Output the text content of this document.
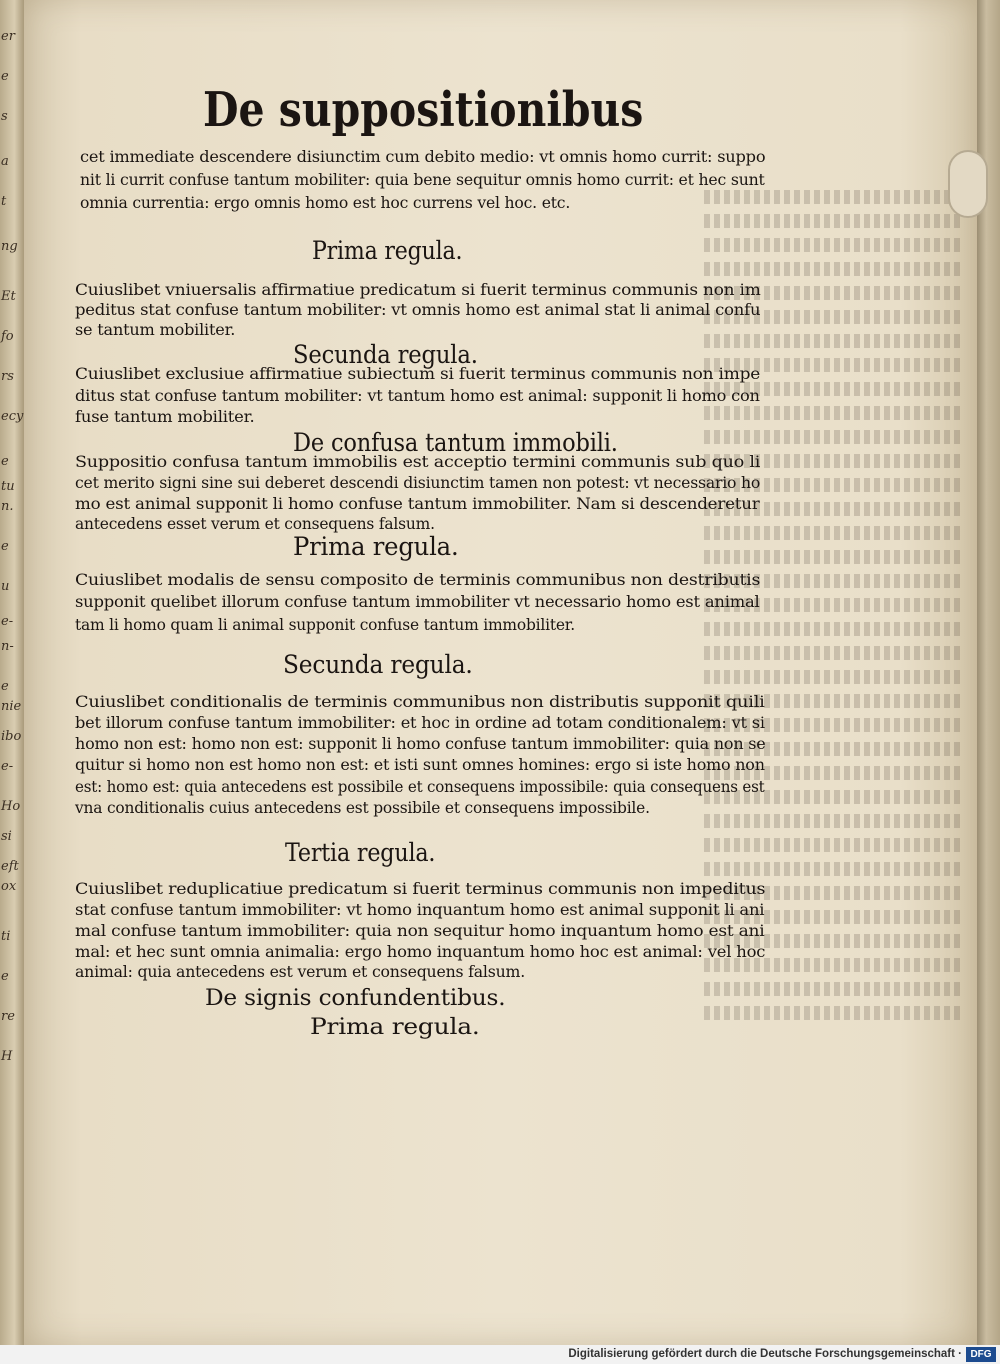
er
e
s
a
t
ng
Et
fo
rs
ecy
e
tu
n.
e
u
e-
n-
e
nie
ibo
e-
Ho
si
eft
ox
ti
e
re
H
De suppositionibus
cet immediate descendere disiunctim cum debito medio: vt omnis homo currit: suppo
nit li currit confuse tantum mobiliter: quia bene sequitur omnis homo currit: et hec sunt
omnia currentia: ergo omnis homo est hoc currens vel hoc. etc.
Prima regula.
Cuiuslibet vniuersalis affirmatiue predicatum si fuerit terminus communis non im
peditus stat confuse tantum mobiliter: vt omnis homo est animal stat li animal confu
se tantum mobiliter.
Secunda regula.
Cuiuslibet exclusiue affirmatiue subiectum si fuerit terminus communis non impe
ditus stat confuse tantum mobiliter: vt tantum homo est animal: supponit li homo con
fuse tantum mobiliter.
De confusa tantum immobili.
Suppositio confusa tantum immobilis est acceptio termini communis sub quo li
cet merito signi sine sui deberet descendi disiunctim tamen non potest: vt necessario ho
mo est animal supponit li homo confuse tantum immobiliter. Nam si descenderetur
antecedens esset verum et consequens falsum.
Prima regula.
Cuiuslibet modalis de sensu composito de terminis communibus non destributis
supponit quelibet illorum confuse tantum immobiliter vt necessario homo est animal
tam li homo quam li animal supponit confuse tantum immobiliter.
Secunda regula.
Cuiuslibet conditionalis de terminis communibus non distributis supponit quili
bet illorum confuse tantum immobiliter: et hoc in ordine ad totam conditionalem: vt si
homo non est: homo non est: supponit li homo confuse tantum immobiliter: quia non se
quitur si homo non est homo non est: et isti sunt omnes homines: ergo si iste homo non
est: homo est: quia antecedens est possibile et consequens impossibile: quia consequens est
vna conditionalis cuius antecedens est possibile et consequens impossibile.
Tertia regula.
Cuiuslibet reduplicatiue predicatum si fuerit terminus communis non impeditus
stat confuse tantum immobiliter: vt homo inquantum homo est animal supponit li ani
mal confuse tantum immobiliter: quia non sequitur homo inquantum homo est ani
mal: et hec sunt omnia animalia: ergo homo inquantum homo hoc est animal: vel hoc
animal: quia antecedens est verum et consequens falsum.
De signis confundentibus.
Prima regula.
Digitalisierung gefördert durch die Deutsche Forschungsgemeinschaft · DFG
